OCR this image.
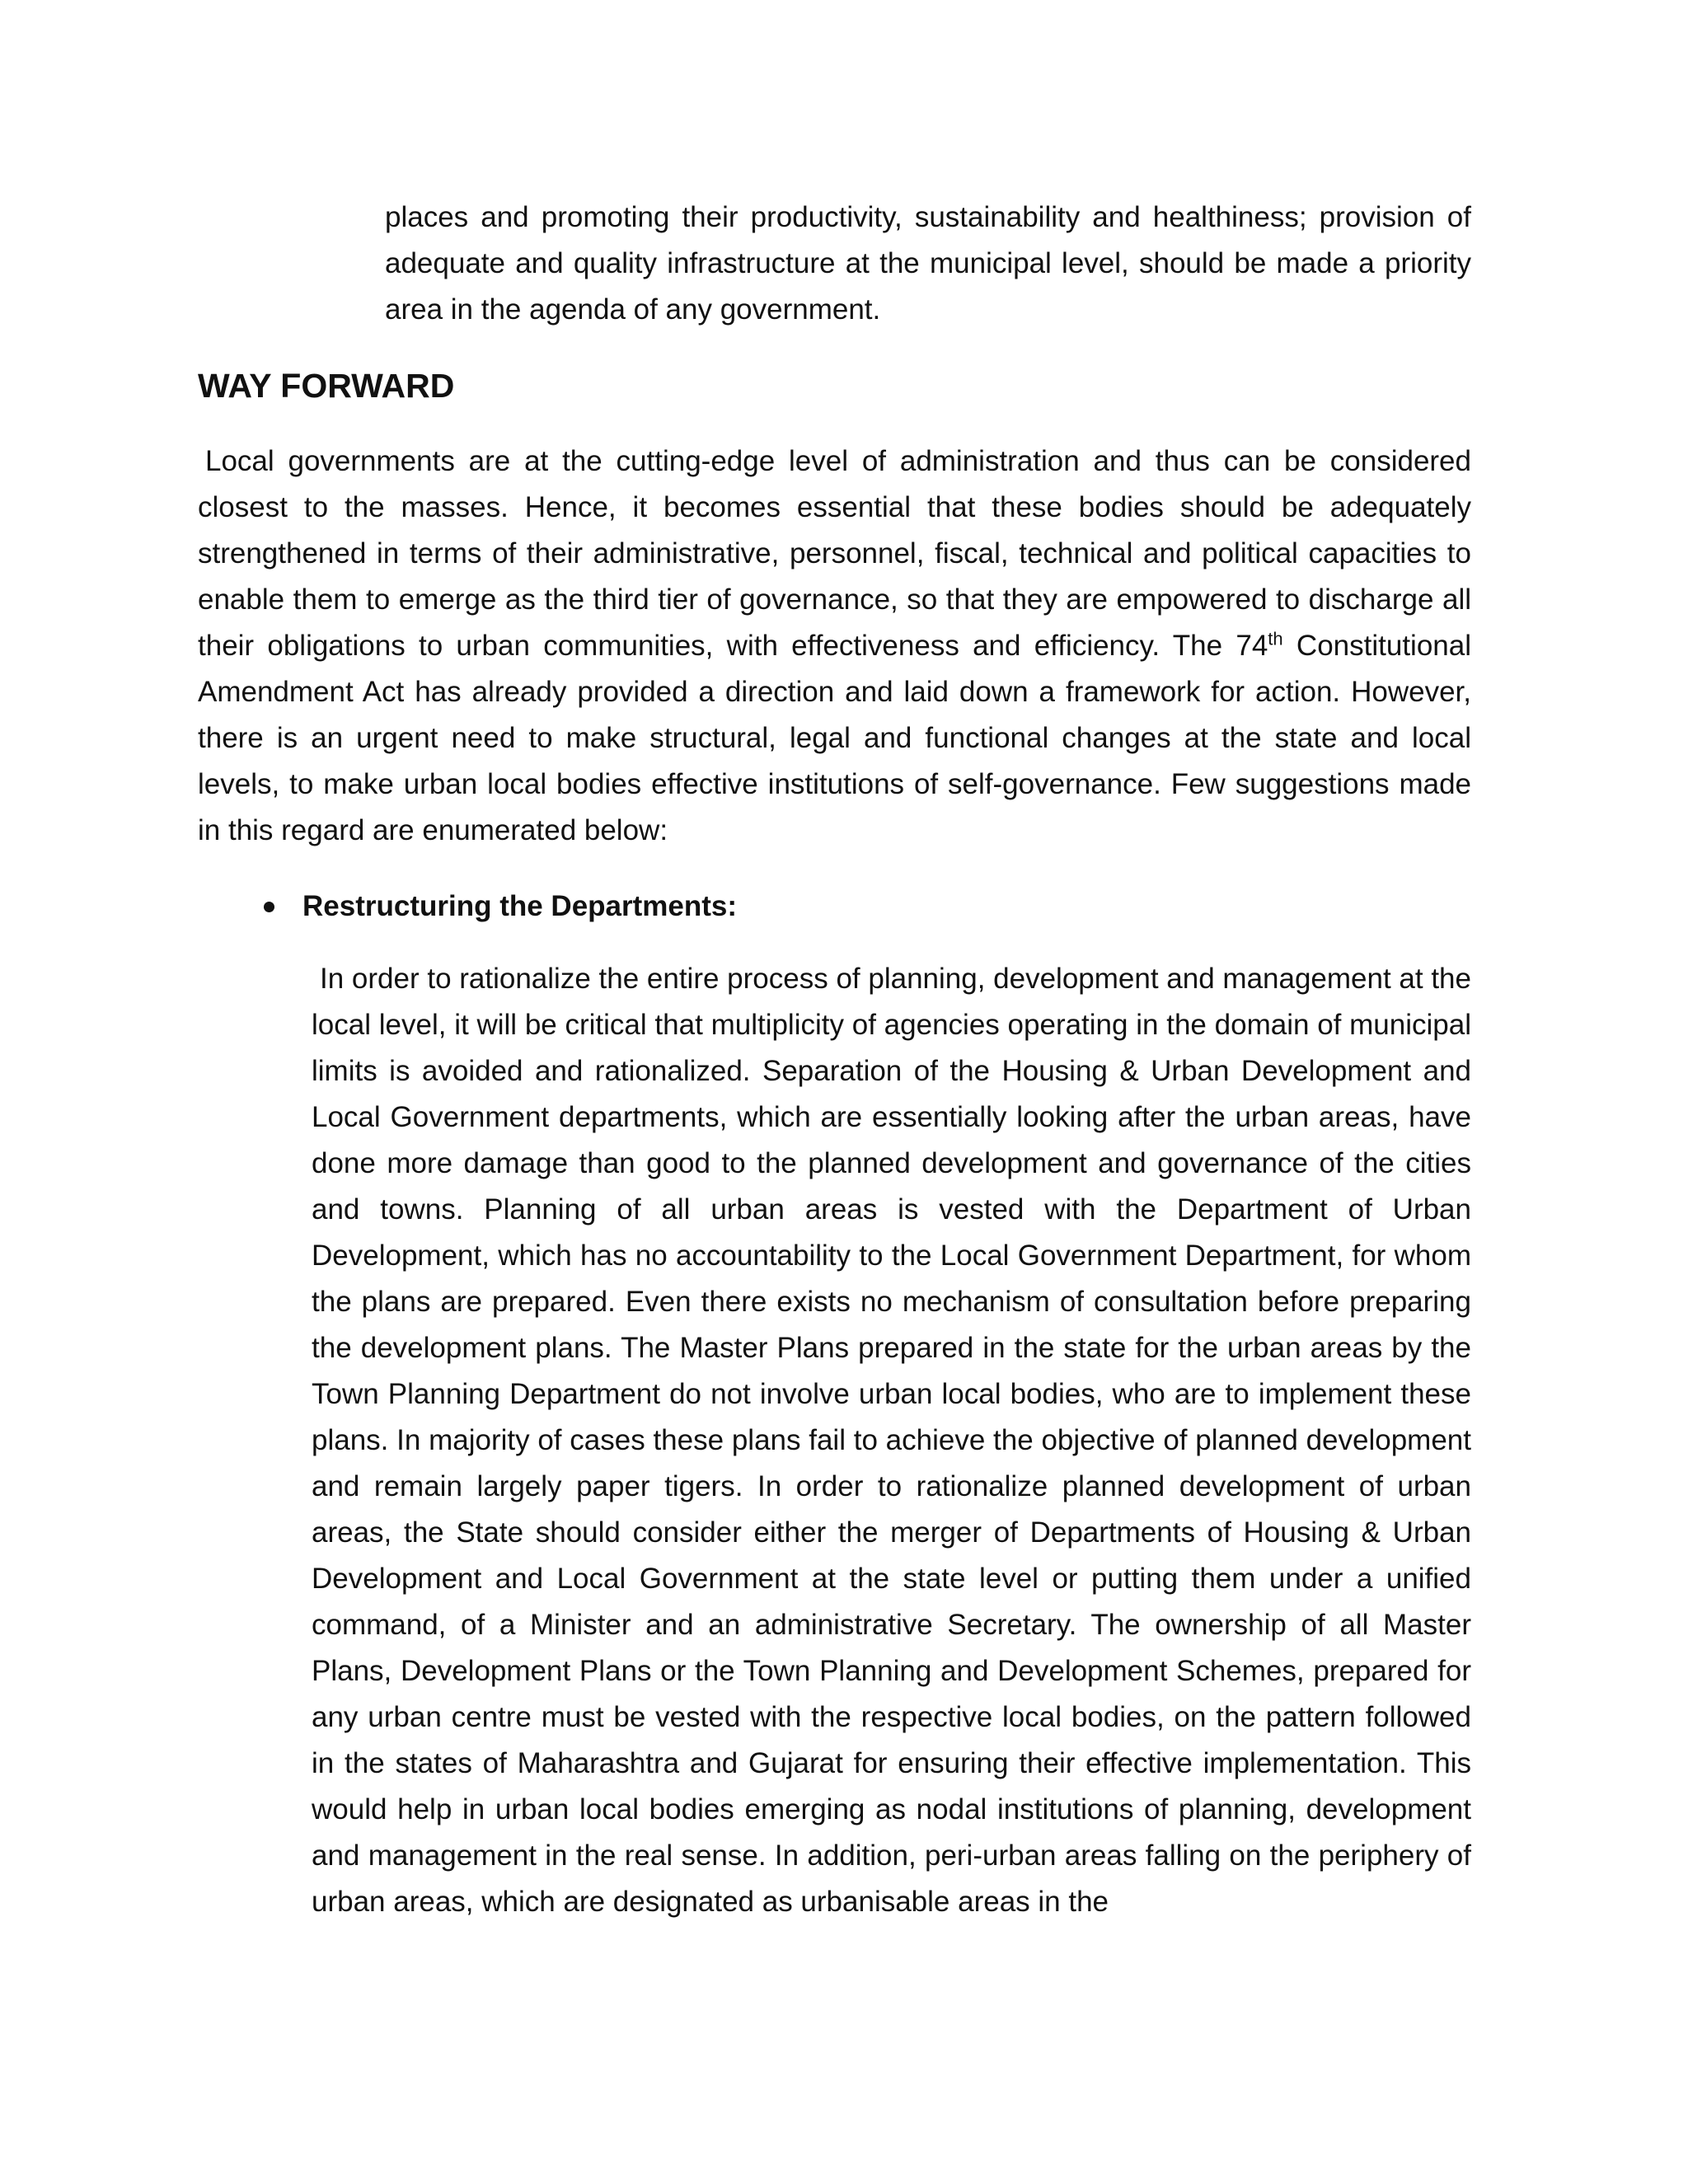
places and promoting their productivity, sustainability and healthiness; provision of adequate and quality infrastructure at the municipal level, should be made a priority area in the agenda of any government.

WAY FORWARD

Local governments are at the cutting-edge level of administration and thus can be considered closest to the masses. Hence, it becomes essential that these bodies should be adequately strengthened in terms of their administrative, personnel, fiscal, technical and political capacities to enable them to emerge as the third tier of governance, so that they are empowered to discharge all their obligations to urban communities, with effectiveness and efficiency. The 74th Constitutional Amendment Act has already provided a direction and laid down a framework for action. However, there is an urgent need to make structural, legal and functional changes at the state and local levels, to make urban local bodies effective institutions of self-governance. Few suggestions made in this regard are enumerated below:

Restructuring the Departments:

In order to rationalize the entire process of planning, development and management at the local level, it will be critical that multiplicity of agencies operating in the domain of municipal limits is avoided and rationalized. Separation of the Housing & Urban Development and Local Government departments, which are essentially looking after the urban areas, have done more damage than good to the planned development and governance of the cities and towns. Planning of all urban areas is vested with the Department of Urban Development, which has no accountability to the Local Government Department, for whom the plans are prepared. Even there exists no mechanism of consultation before preparing the development plans. The Master Plans prepared in the state for the urban areas by the Town Planning Department do not involve urban local bodies, who are to implement these plans. In majority of cases these plans fail to achieve the objective of planned development and remain largely paper tigers. In order to rationalize planned development of urban areas, the State should consider either the merger of Departments of Housing & Urban Development and Local Government at the state level or putting them under a unified command, of a Minister and an administrative Secretary. The ownership of all Master Plans, Development Plans or the Town Planning and Development Schemes, prepared for any urban centre must be vested with the respective local bodies, on the pattern followed in the states of Maharashtra and Gujarat for ensuring their effective implementation. This would help in urban local bodies emerging as nodal institutions of planning, development and management in the real sense. In addition, peri-urban areas falling on the periphery of urban areas, which are designated as urbanisable areas in the
